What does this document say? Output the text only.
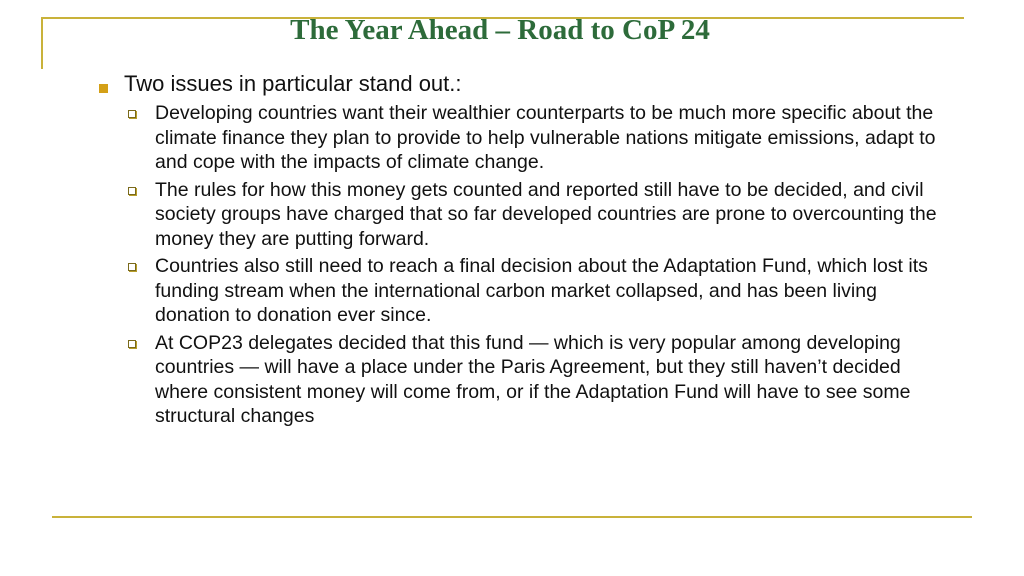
The Year Ahead – Road to CoP 24
Two issues in particular stand out.:
Developing countries want their wealthier counterparts to be much more specific about the climate finance they plan to provide to help vulnerable nations mitigate emissions, adapt to and cope with the impacts of climate change.
The rules for how this money gets counted and reported still have to be decided, and civil society groups have charged that so far developed countries are prone to overcounting the money they are putting forward.
Countries also still need to reach a final decision about the Adaptation Fund, which lost its funding stream when the international carbon market collapsed, and has been living donation to donation ever since.
At COP23 delegates decided that this fund — which is very popular among developing countries — will have a place under the Paris Agreement, but they still haven’t decided where consistent money will come from, or if the Adaptation Fund will have to see some structural changes
